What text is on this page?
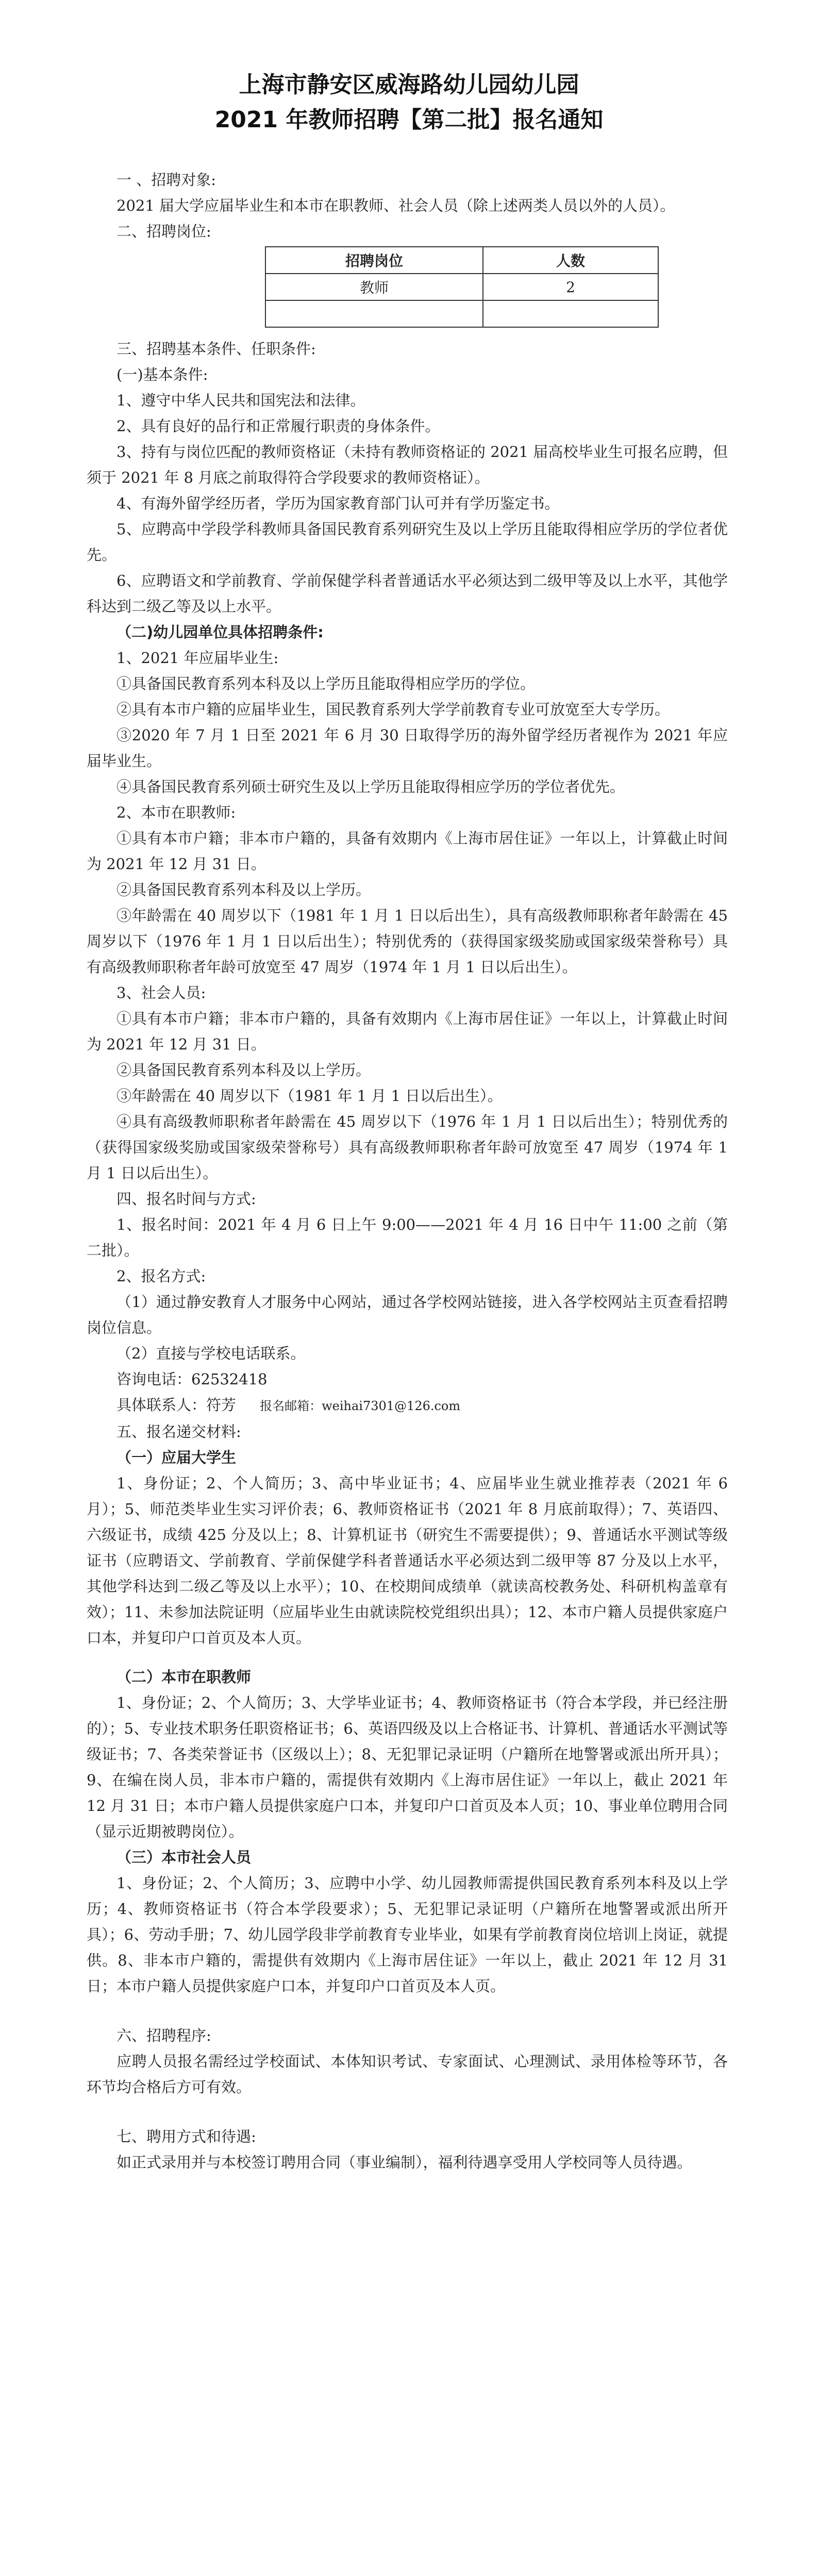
上海市静安区威海路幼儿园幼儿园
2021 年教师招聘【第二批】报名通知

一 、招聘对象:

2021 届大学应届毕业生和本市在职教师、社会人员（除上述两类人员以外的人员）。

二、招聘岗位:

招聘岗位	人数
教师	2

三、招聘基本条件、任职条件:

(一)基本条件:

1、遵守中华人民共和国宪法和法律。

2、具有良好的品行和正常履行职责的身体条件。

3、持有与岗位匹配的教师资格证（未持有教师资格证的 2021 届高校毕业生可报名应聘，但须于 2021 年 8 月底之前取得符合学段要求的教师资格证）。

4、有海外留学经历者，学历为国家教育部门认可并有学历鉴定书。

5、应聘高中学段学科教师具备国民教育系列研究生及以上学历且能取得相应学历的学位者优先。

6、应聘语文和学前教育、学前保健学科者普通话水平必须达到二级甲等及以上水平，其他学科达到二级乙等及以上水平。

（二)幼儿园单位具体招聘条件:

1、2021 年应届毕业生:

①具备国民教育系列本科及以上学历且能取得相应学历的学位。

②具有本市户籍的应届毕业生，国民教育系列大学学前教育专业可放宽至大专学历。

③2020 年 7 月 1 日至 2021 年 6 月 30 日取得学历的海外留学经历者视作为 2021 年应届毕业生。

④具备国民教育系列硕士研究生及以上学历且能取得相应学历的学位者优先。

2、本市在职教师:

①具有本市户籍；非本市户籍的，具备有效期内《上海市居住证》一年以上，计算截止时间为 2021 年 12 月 31 日。

②具备国民教育系列本科及以上学历。

③年龄需在 40 周岁以下（1981 年 1 月 1 日以后出生），具有高级教师职称者年龄需在 45 周岁以下（1976 年 1 月 1 日以后出生）；特别优秀的（获得国家级奖励或国家级荣誉称号）具有高级教师职称者年龄可放宽至 47 周岁（1974 年 1 月 1 日以后出生）。

3、社会人员:

①具有本市户籍；非本市户籍的，具备有效期内《上海市居住证》一年以上，计算截止时间为 2021 年 12 月 31 日。

②具备国民教育系列本科及以上学历。

③年龄需在 40 周岁以下（1981 年 1 月 1 日以后出生）。

④具有高级教师职称者年龄需在 45 周岁以下（1976 年 1 月 1 日以后出生）；特别优秀的（获得国家级奖励或国家级荣誉称号）具有高级教师职称者年龄可放宽至 47 周岁（1974 年 1 月 1 日以后出生）。

四、报名时间与方式:

1、报名时间：2021 年 4 月 6 日上午 9:00——2021 年 4 月 16 日中午 11:00 之前（第二批）。

2、报名方式:

（1）通过静安教育人才服务中心网站，通过各学校网站链接，进入各学校网站主页查看招聘岗位信息。

（2）直接与学校电话联系。

咨询电话：62532418

具体联系人：符芳 报名邮箱：weihai7301@126.com

五、报名递交材料:

（一）应届大学生

1、身份证；2、个人简历；3、高中毕业证书；4、应届毕业生就业推荐表（2021 年 6 月）；5、师范类毕业生实习评价表；6、教师资格证书（2021 年 8 月底前取得）；7、英语四、六级证书，成绩 425 分及以上；8、计算机证书（研究生不需要提供）；9、普通话水平测试等级证书（应聘语文、学前教育、学前保健学科者普通话水平必须达到二级甲等 87 分及以上水平，其他学科达到二级乙等及以上水平）；10、在校期间成绩单（就读高校教务处、科研机构盖章有效）；11、未参加法院证明（应届毕业生由就读院校党组织出具）；12、本市户籍人员提供家庭户口本，并复印户口首页及本人页。

（二）本市在职教师

1、身份证；2、个人简历；3、大学毕业证书；4、教师资格证书（符合本学段，并已经注册的）；5、专业技术职务任职资格证书；6、英语四级及以上合格证书、计算机、普通话水平测试等级证书；7、各类荣誉证书（区级以上）；8、无犯罪记录证明（户籍所在地警署或派出所开具）；9、在编在岗人员，非本市户籍的，需提供有效期内《上海市居住证》一年以上，截止 2021 年 12 月 31 日；本市户籍人员提供家庭户口本，并复印户口首页及本人页；10、事业单位聘用合同（显示近期被聘岗位）。

（三）本市社会人员

1、身份证；2、个人简历；3、应聘中小学、幼儿园教师需提供国民教育系列本科及以上学历；4、教师资格证书（符合本学段要求）；5、无犯罪记录证明（户籍所在地警署或派出所开具）；6、劳动手册；7、幼儿园学段非学前教育专业毕业，如果有学前教育岗位培训上岗证，就提供。8、非本市户籍的，需提供有效期内《上海市居住证》一年以上，截止 2021 年 12 月 31 日；本市户籍人员提供家庭户口本，并复印户口首页及本人页。

六、招聘程序:

应聘人员报名需经过学校面试、本体知识考试、专家面试、心理测试、录用体检等环节，各环节均合格后方可有效。

七、聘用方式和待遇:

如正式录用并与本校签订聘用合同（事业编制），福利待遇享受用人学校同等人员待遇。
